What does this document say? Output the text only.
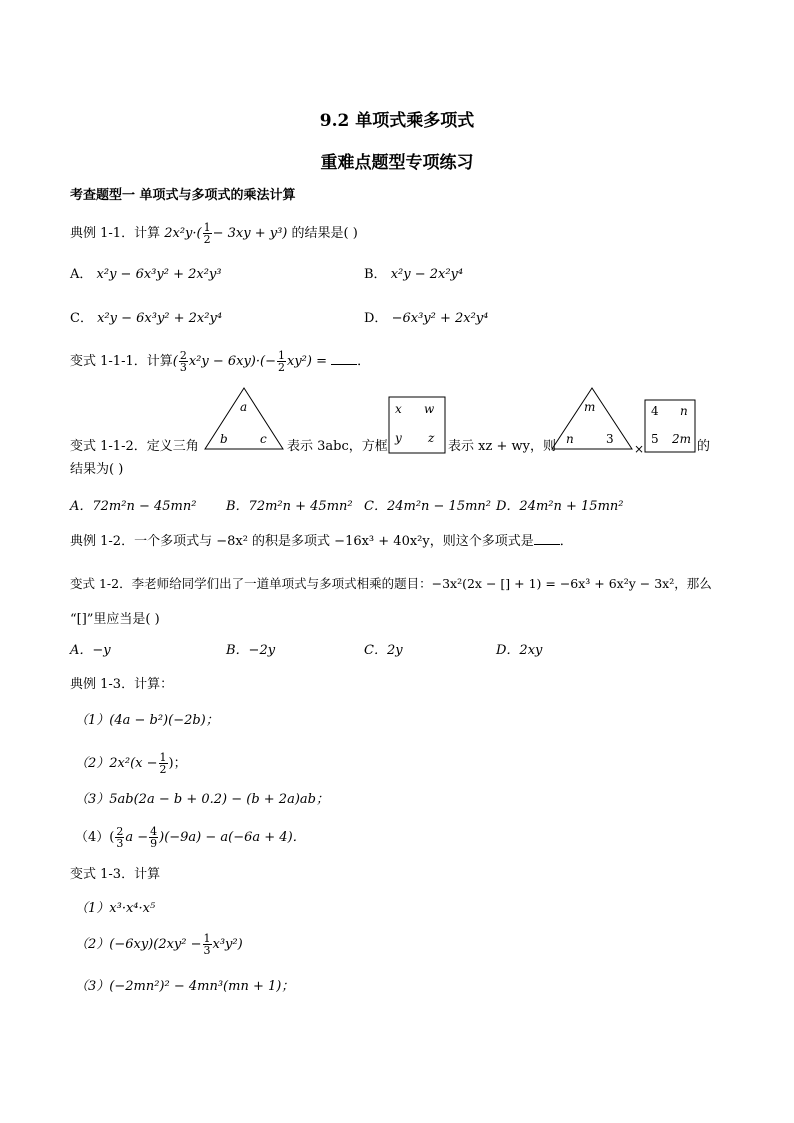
9.2 单项式乘多项式
重难点题型专项练习
考查题型一 单项式与多项式的乘法计算
典例 1-1．计算 $2x^2y\cdot( \frac{1}{2} - 3xy + y^3)$ 的结果是( )
A． x²y − 6x³y² + 2x²y³	B． x²y − 2x²y⁴
C． x²y − 6x³y² + 2x²y⁴	D． −6x³y² + 2x²y⁴
变式 1-1-1．计算( $\frac{2}{3} x^2y - 6xy)\cdot(- \frac{1}{2} xy^2)$ = ．
a
b	c
x w
y z
m
n	3
4 n
5 2m
变式 1-1-2．定义三角	表示 3abc，方框	表示 xz + wy，则	×	的
结果为( )
A．72m²n − 45mn² B．72m²n + 45mn² C．24m²n − 15mn² D．24m²n + 15mn²
典例 1-2．一个多项式与 −8x² 的积是多项式 −16x³ + 40x²y，则这个多项式是 ．
变式 1-2．李老师给同学们出了一道单项式与多项式相乘的题目：−3x²(2x − [] + 1) = −6x³ + 6x²y − 3x²，那么
“[]”里应当是( )
A．−y	B．−2y	C．2y	D．2xy
典例 1-3．计算：
（1）(4a − b²)(−2b)；
$(2)2x^2(x - \frac{1}{2}$ )；
（3）5ab(2a − b + 0.2) − (b + 2a)ab；
$(4)( \frac{2}{3}$ $a - \frac{4}{9} )(-9a) - a(-6a + 4)$．
变式 1-3．计算
（1）x³·x⁴·x⁵
$(2)(-6xy)(2xy^2 - \frac{1}{3} x^3y^2)$
（3）(−2mn²)² − 4mn³(mn + 1)；
